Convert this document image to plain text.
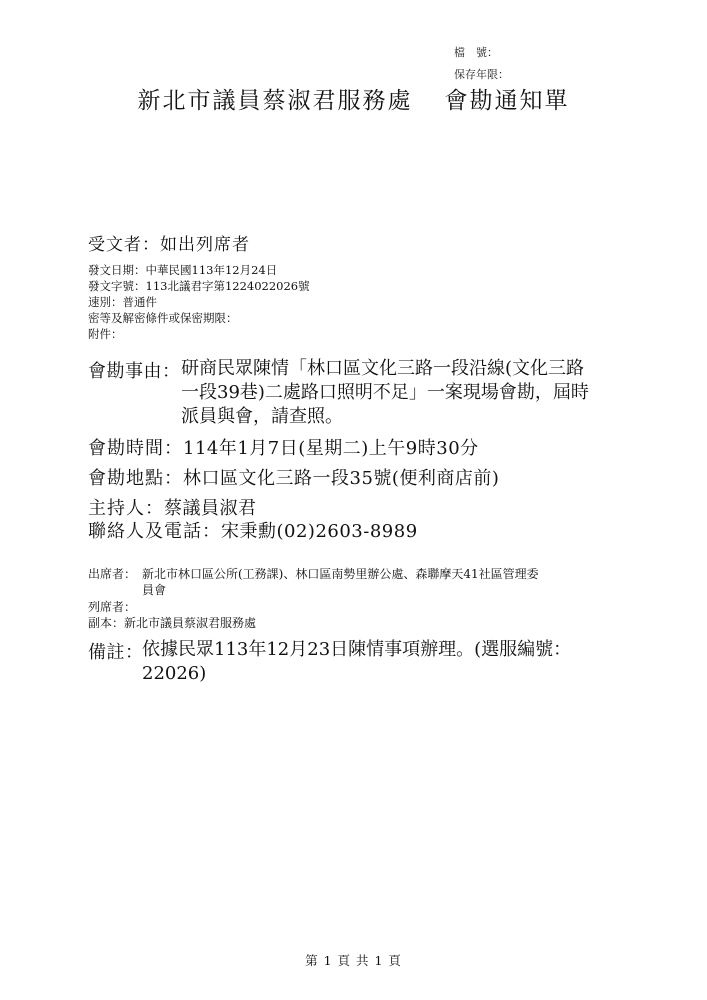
檔　號：
保存年限：
新北市議員蔡淑君服務處 會勘通知單
受文者：如出列席者
發文日期：中華民國113年12月24日
發文字號：113北議君字第1224022026號
速別：普通件
密等及解密條件或保密期限：
附件：
會勘事由： 研商民眾陳情「林口區文化三路一段沿線(文化三路
一段39巷)二處路口照明不足」一案現場會勘，屆時
派員與會，請查照。
會勘時間：114年1月7日(星期二)上午9時30分
會勘地點：林口區文化三路一段35號(便利商店前)
主持人：蔡議員淑君
聯絡人及電話：宋秉勳(02)2603-8989
出席者： 新北市林口區公所(工務課)、林口區南勢里辦公處、森聯摩天41社區管理委
員會
列席者：
副本：新北市議員蔡淑君服務處
備註：
依據民眾113年12月23日陳情事項辦理。(選服編號：
22026)
第 1 頁 共 1 頁
